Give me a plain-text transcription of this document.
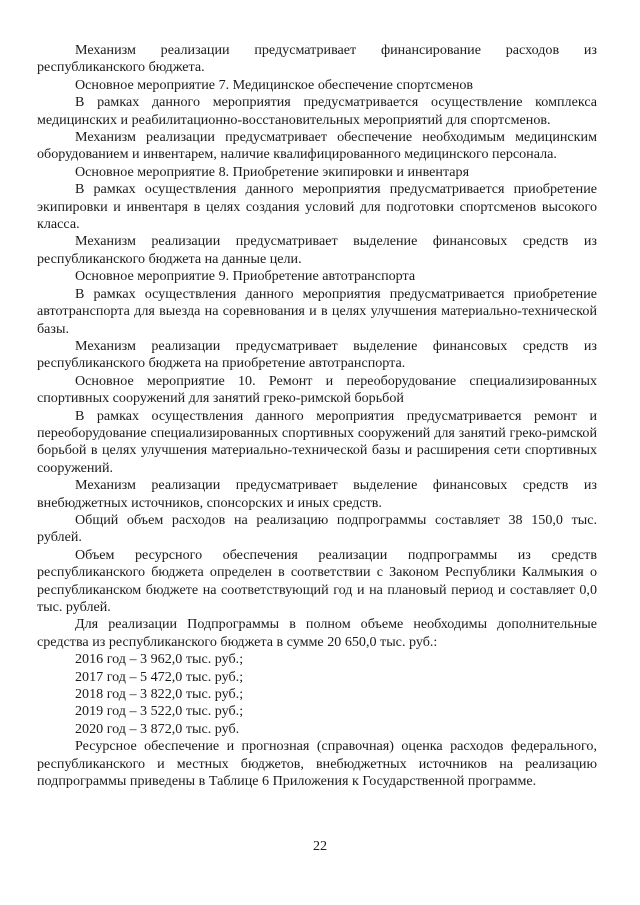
Механизм реализации предусматривает финансирование расходов из республиканского бюджета.

Основное мероприятие 7. Медицинское обеспечение спортсменов

В рамках данного мероприятия предусматривается осуществление комплекса медицинских и реабилитационно-восстановительных мероприятий для спортсменов.

Механизм реализации предусматривает обеспечение необходимым медицинским оборудованием и инвентарем, наличие квалифицированного медицинского персонала.

Основное мероприятие 8. Приобретение экипировки и инвентаря

В рамках осуществления данного мероприятия предусматривается приобретение экипировки и инвентаря в целях создания условий для подготовки спортсменов высокого класса.

Механизм реализации предусматривает выделение финансовых средств из республиканского бюджета на данные цели.

Основное мероприятие 9. Приобретение автотранспорта

В рамках осуществления данного мероприятия предусматривается приобретение автотранспорта для выезда на соревнования и в целях улучшения материально-технической базы.

Механизм реализации предусматривает выделение финансовых средств из республиканского бюджета на приобретение автотранспорта.

Основное мероприятие 10. Ремонт и переоборудование специализированных спортивных сооружений для занятий греко-римской борьбой

В рамках осуществления данного мероприятия предусматривается ремонт и переоборудование специализированных спортивных сооружений для занятий греко-римской борьбой в целях улучшения материально-технической базы и расширения сети спортивных сооружений.

Механизм реализации предусматривает выделение финансовых средств из внебюджетных источников, спонсорских и иных средств.

Общий объем расходов на реализацию подпрограммы составляет 38 150,0 тыс. рублей.

Объем ресурсного обеспечения реализации подпрограммы из средств республиканского бюджета определен в соответствии с Законом Республики Калмыкия о республиканском бюджете на соответствующий год и на плановый период и составляет 0,0 тыс. рублей.

Для реализации Подпрограммы в полном объеме необходимы дополнительные средства из республиканского бюджета в сумме 20 650,0 тыс. руб.:

2016 год – 3 962,0 тыс. руб.;

2017 год – 5 472,0 тыс. руб.;

2018 год – 3 822,0 тыс. руб.;

2019 год – 3 522,0 тыс. руб.;

2020 год – 3 872,0 тыс. руб.

Ресурсное обеспечение и прогнозная (справочная) оценка расходов федерального, республиканского и местных бюджетов, внебюджетных источников на реализацию подпрограммы приведены в Таблице 6 Приложения к Государственной программе.

22
